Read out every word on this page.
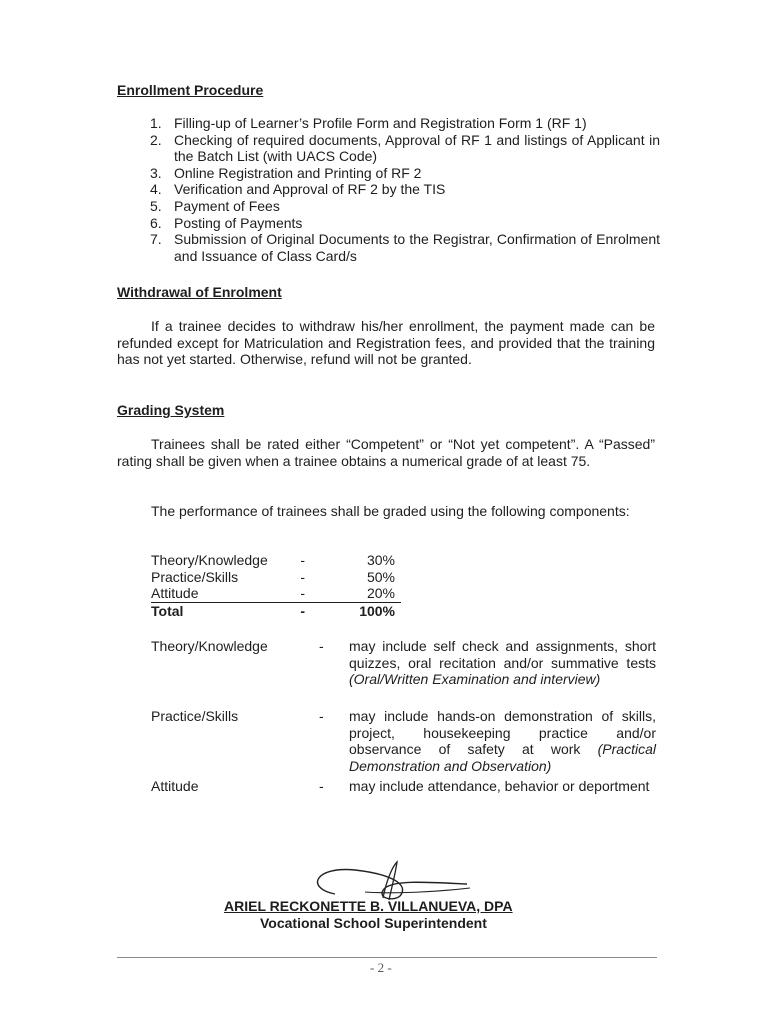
Enrollment Procedure
1. Filling-up of Learner’s Profile Form and Registration Form 1 (RF 1)
2. Checking of required documents, Approval of RF 1 and listings of Applicant in the Batch List (with UACS Code)
3. Online Registration and Printing of RF 2
4. Verification and Approval of RF 2 by the TIS
5. Payment of Fees
6. Posting of Payments
7. Submission of Original Documents to the Registrar, Confirmation of Enrolment and Issuance of Class Card/s
Withdrawal of Enrolment

If a trainee decides to withdraw his/her enrollment, the payment made can be refunded except for Matriculation and Registration fees, and provided that the training has not yet started. Otherwise, refund will not be granted.

Grading System

Trainees shall be rated either “Competent” or “Not yet competent”. A “Passed” rating shall be given when a trainee obtains a numerical grade of at least 75.

The performance of trainees shall be graded using the following components:

Theory/Knowledge	-	30%
Practice/Skills	-	50%
Attitude	-	20%
Total	-	100%
Theory/Knowledge	-	may include self check and assignments, short quizzes, oral recitation and/or summative tests (Oral/Written Examination and interview)
Practice/Skills	-	may include hands-on demonstration of skills, project, housekeeping practice and/or observance of safety at work (Practical Demonstration and Observation)
Attitude	-	may include attendance, behavior or deportment

ARIEL RECKONETTE B. VILLANUEVA, DPA

Vocational School Superintendent

- 2 -
